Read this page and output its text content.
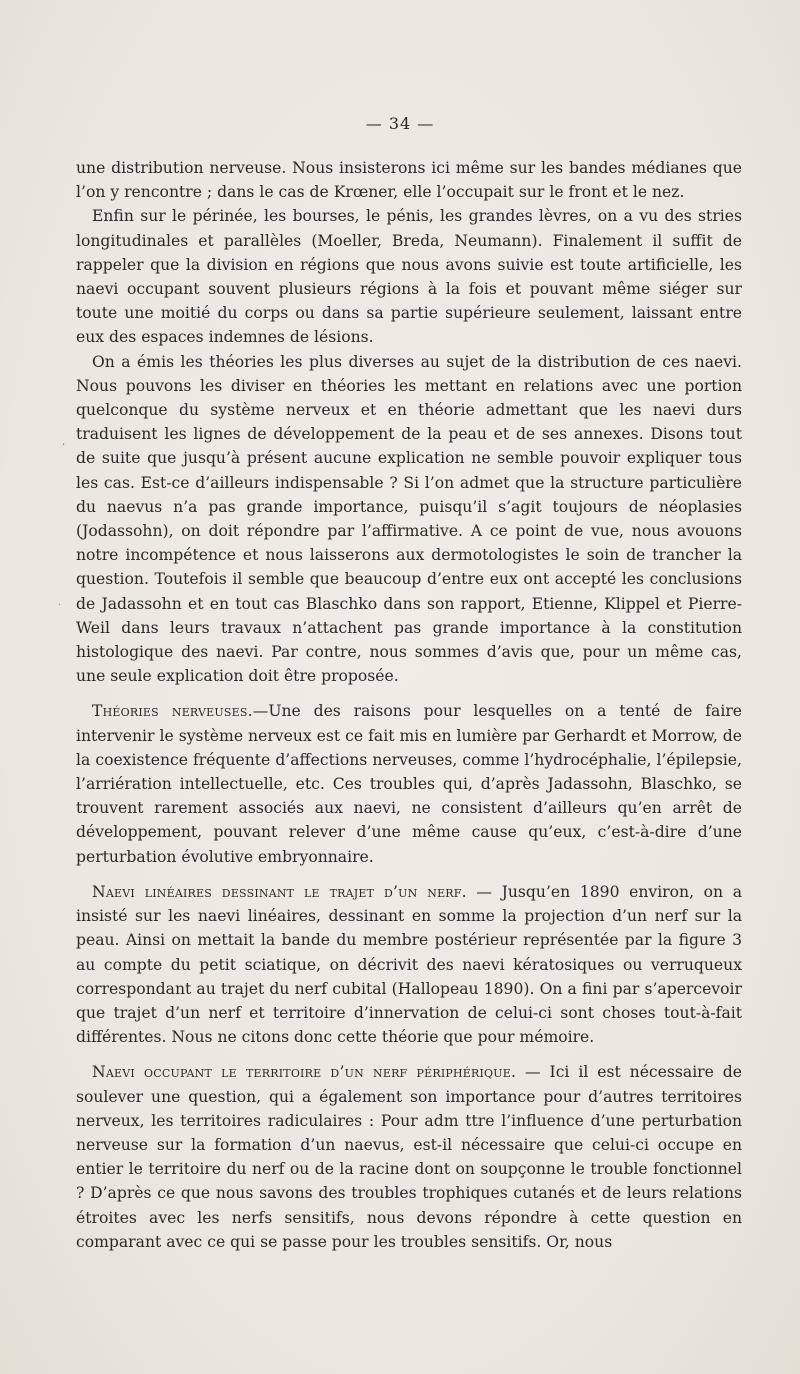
— 34 —

une distribution nerveuse. Nous insisterons ici même sur les bandes médianes que l’on y rencontre ; dans le cas de Krœner, elle l’occupait sur le front et le nez.

Enfin sur le périnée, les bourses, le pénis, les grandes lèvres, on a vu des stries longitudinales et parallèles (Moeller, Breda, Neumann). Finalement il suffit de rappeler que la division en régions que nous avons suivie est toute artificielle, les naevi occupant souvent plusieurs régions à la fois et pouvant même siéger sur toute une moitié du corps ou dans sa partie supérieure seulement, laissant entre eux des espaces indemnes de lésions.

On a émis les théories les plus diverses au sujet de la distribution de ces naevi. Nous pouvons les diviser en théories les mettant en relations avec une portion quelconque du système nerveux et en théorie admettant que les naevi durs traduisent les lignes de développement de la peau et de ses annexes. Disons tout de suite que jusqu’à présent aucune explication ne semble pouvoir expliquer tous les cas. Est-ce d’ailleurs indispensable ? Si l’on admet que la structure particulière du naevus n’a pas grande importance, puisqu’il s’agit toujours de néoplasies (Jodassohn), on doit répondre par l’affirmative. A ce point de vue, nous avouons notre incompétence et nous laisserons aux dermotologistes le soin de trancher la question. Toutefois il semble que beaucoup d’entre eux ont accepté les conclusions de Jadassohn et en tout cas Blaschko dans son rapport, Etienne, Klippel et Pierre-Weil dans leurs travaux n’attachent pas grande importance à la constitution histologique des naevi. Par contre, nous sommes d’avis que, pour un même cas, une seule explication doit être proposée.

Théories nerveuses.—Une des raisons pour lesquelles on a tenté de faire intervenir le système nerveux est ce fait mis en lumière par Gerhardt et Morrow, de la coexistence fréquente d’affections nerveuses, comme l’hydrocéphalie, l’épilepsie, l’arriération intellectuelle, etc. Ces troubles qui, d’après Jadassohn, Blaschko, se trouvent rarement associés aux naevi, ne consistent d’ailleurs qu’en arrêt de développement, pouvant relever d’une même cause qu’eux, c’est-à-dire d’une perturbation évolutive embryonnaire.

Naevi linéaires dessinant le trajet d’un nerf. — Jusqu’en 1890 environ, on a insisté sur les naevi linéaires, dessinant en somme la projection d’un nerf sur la peau. Ainsi on mettait la bande du membre postérieur représentée par la figure 3 au compte du petit sciatique, on décrivit des naevi kératosiques ou verruqueux correspondant au trajet du nerf cubital (Hallopeau 1890). On a fini par s’apercevoir que trajet d’un nerf et territoire d’innervation de celui-ci sont choses tout-à-fait différentes. Nous ne citons donc cette théorie que pour mémoire.

Naevi occupant le territoire d’un nerf périphérique. — Ici il est nécessaire de soulever une question, qui a également son importance pour d’autres territoires nerveux, les territoires radiculaires : Pour adm ttre l’influence d’une perturbation nerveuse sur la formation d’un naevus, est-il nécessaire que celui-ci occupe en entier le territoire du nerf ou de la racine dont on soupçonne le trouble fonctionnel ? D’après ce que nous savons des troubles trophiques cutanés et de leurs relations étroites avec les nerfs sensitifs, nous devons répondre à cette question en comparant avec ce qui se passe pour les troubles sensitifs. Or, nous

‚
·
